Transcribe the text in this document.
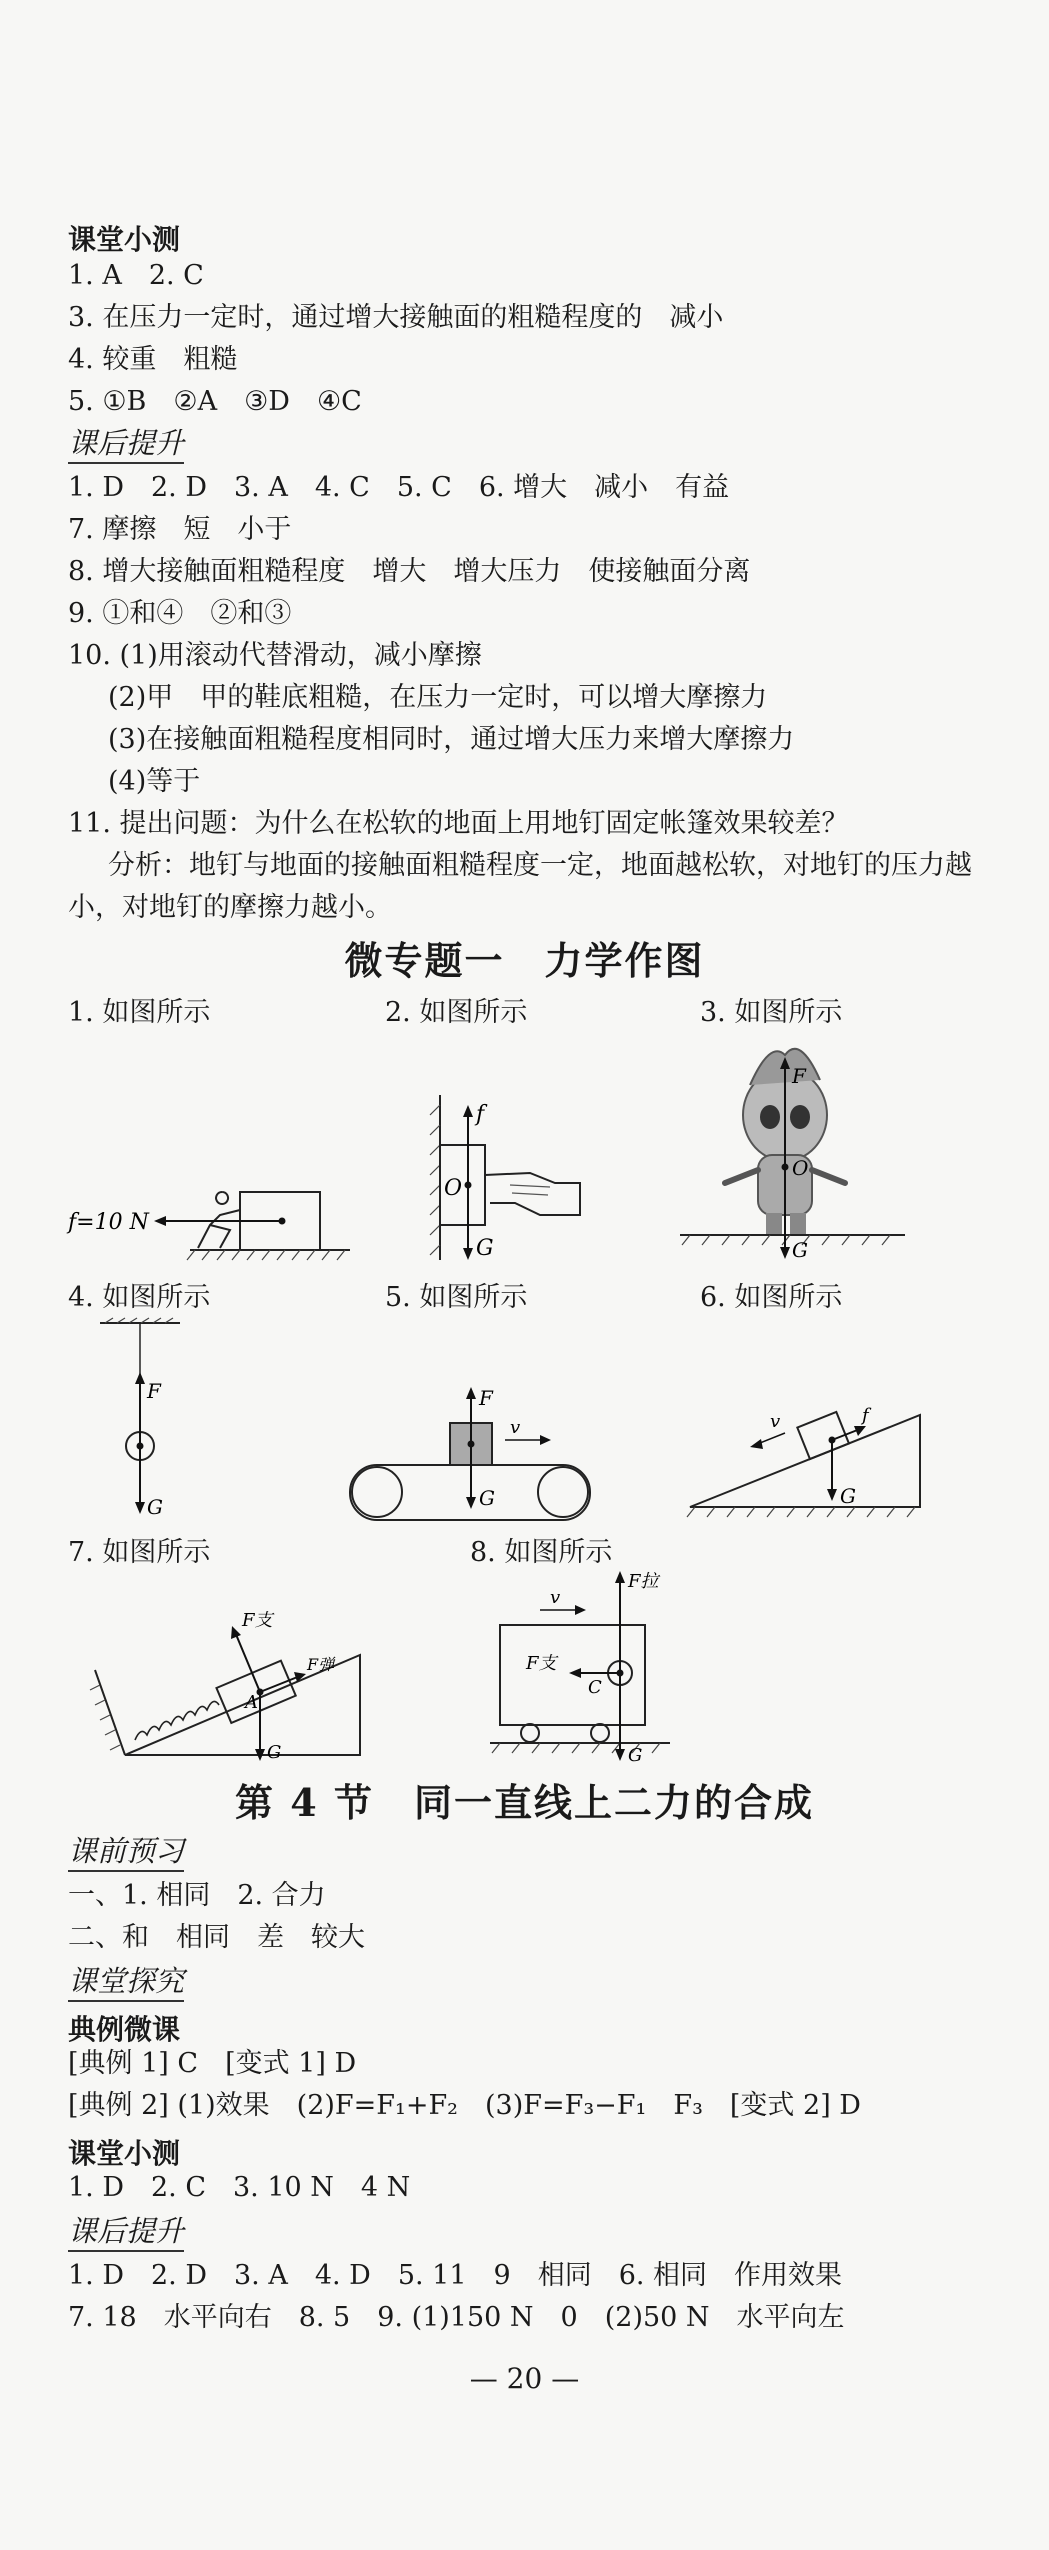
课堂小测
1. A　2. C
3. 在压力一定时，通过增大接触面的粗糙程度的　减小
4. 较重　粗糙
5. ①B　②A　③D　④C
课后提升
1. D　2. D　3. A　4. C　5. C　6. 增大　减小　有益
7. 摩擦　短　小于
8. 增大接触面粗糙程度　增大　增大压力　使接触面分离
9. ①和④　②和③
10. (1)用滚动代替滑动，减小摩擦
(2)甲　甲的鞋底粗糙，在压力一定时，可以增大摩擦力
(3)在接触面粗糙程度相同时，通过增大压力来增大摩擦力
(4)等于
11. 提出问题：为什么在松软的地面上用地钉固定帐篷效果较差？
分析：地钉与地面的接触面粗糙程度一定，地面越松软，对地钉的压力越
小，对地钉的摩擦力越小。
微专题一　力学作图
1. 如图所示	2. 如图所示	3. 如图所示
f=10 N
f
O
G
F
O
G
4. 如图所示	5. 如图所示	6. 如图所示
F
G
F
v
G
f
v
G
7. 如图所示	8. 如图所示
F支
F弹
A
G
F拉
v
F支
C
G
第 4 节　同一直线上二力的合成
课前预习
一、1. 相同　2. 合力
二、和　相同　差　较大
课堂探究
典例微课
[典例 1] C　[变式 1] D
[典例 2] (1)效果　(2)F=F₁+F₂　(3)F=F₃−F₁　F₃　[变式 2] D
课堂小测
1. D　2. C　3. 10 N　4 N
课后提升
1. D　2. D　3. A　4. D　5. 11　9　相同　6. 相同　作用效果
7. 18　水平向右　8. 5　9. (1)150 N　0　(2)50 N　水平向左
— 20 —
